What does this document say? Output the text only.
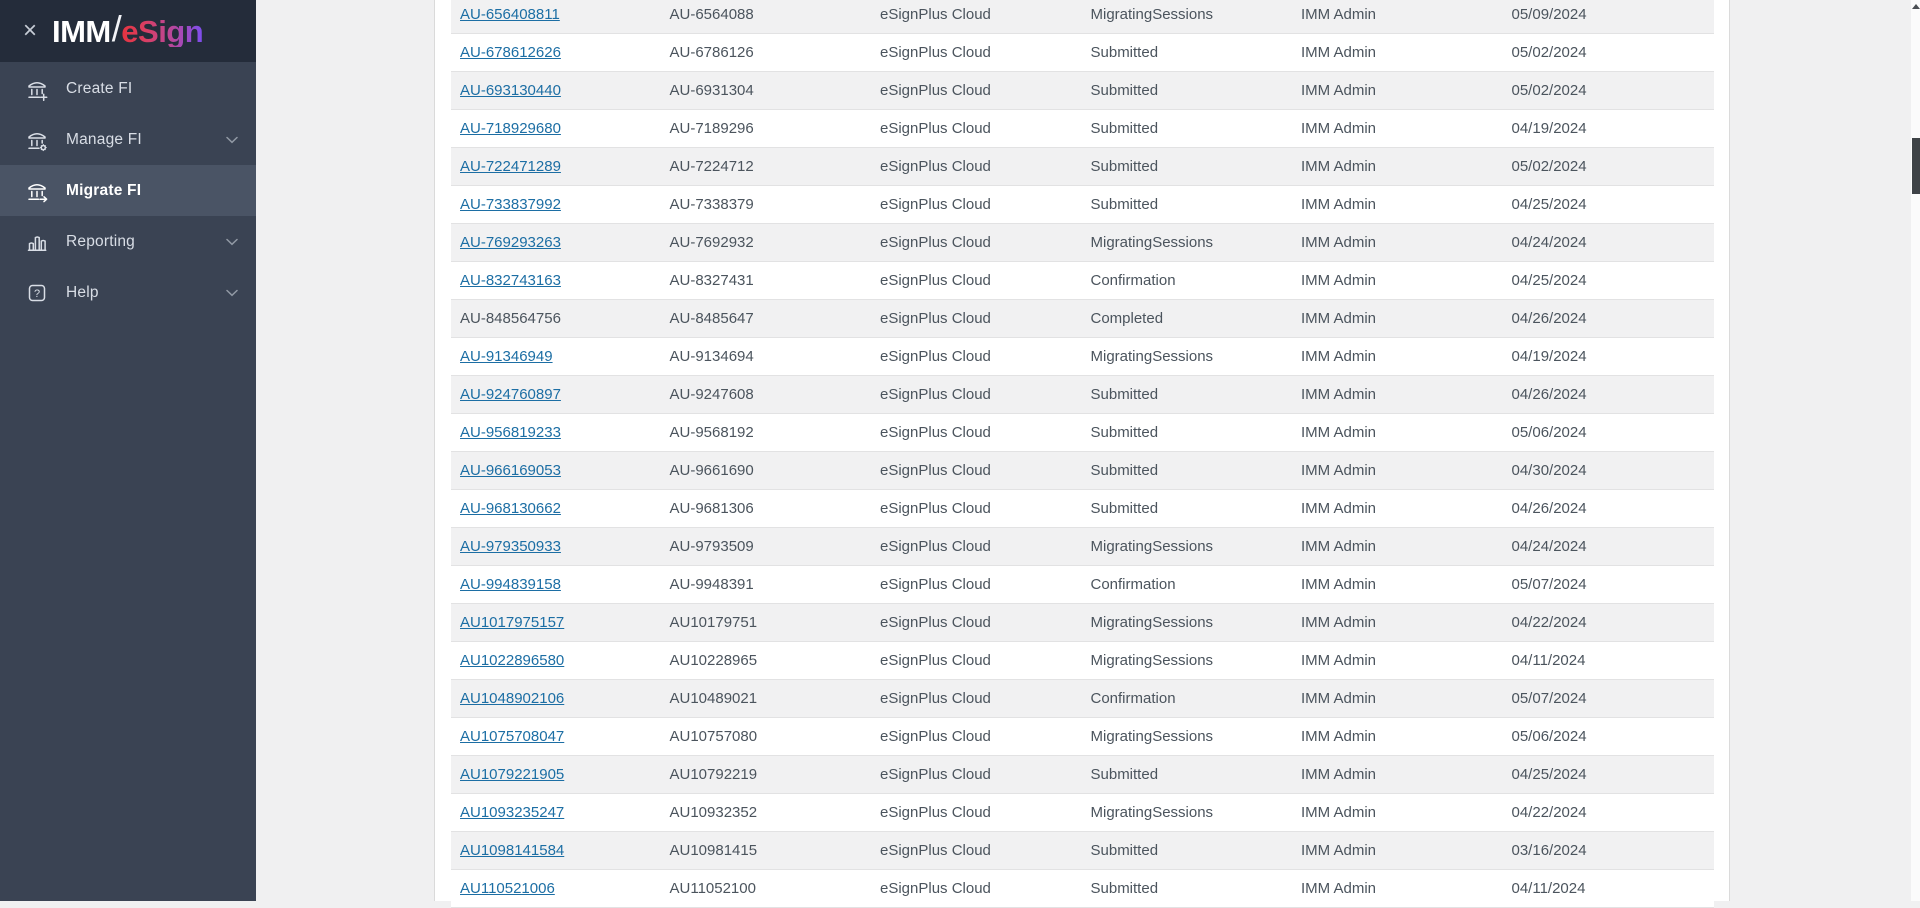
× IMM / eSign
Create FI
Manage FI
Migrate FI
Reporting
? Help
AU-656408811	AU-6564088	eSignPlus Cloud	MigratingSessions	IMM Admin	05/09/2024
AU-678612626	AU-6786126	eSignPlus Cloud	Submitted	IMM Admin	05/02/2024
AU-693130440	AU-6931304	eSignPlus Cloud	Submitted	IMM Admin	05/02/2024
AU-718929680	AU-7189296	eSignPlus Cloud	Submitted	IMM Admin	04/19/2024
AU-722471289	AU-7224712	eSignPlus Cloud	Submitted	IMM Admin	05/02/2024
AU-733837992	AU-7338379	eSignPlus Cloud	Submitted	IMM Admin	04/25/2024
AU-769293263	AU-7692932	eSignPlus Cloud	MigratingSessions	IMM Admin	04/24/2024
AU-832743163	AU-8327431	eSignPlus Cloud	Confirmation	IMM Admin	04/25/2024
AU-848564756	AU-8485647	eSignPlus Cloud	Completed	IMM Admin	04/26/2024
AU-91346949	AU-9134694	eSignPlus Cloud	MigratingSessions	IMM Admin	04/19/2024
AU-924760897	AU-9247608	eSignPlus Cloud	Submitted	IMM Admin	04/26/2024
AU-956819233	AU-9568192	eSignPlus Cloud	Submitted	IMM Admin	05/06/2024
AU-966169053	AU-9661690	eSignPlus Cloud	Submitted	IMM Admin	04/30/2024
AU-968130662	AU-9681306	eSignPlus Cloud	Submitted	IMM Admin	04/26/2024
AU-979350933	AU-9793509	eSignPlus Cloud	MigratingSessions	IMM Admin	04/24/2024
AU-994839158	AU-9948391	eSignPlus Cloud	Confirmation	IMM Admin	05/07/2024
AU1017975157	AU10179751	eSignPlus Cloud	MigratingSessions	IMM Admin	04/22/2024
AU1022896580	AU10228965	eSignPlus Cloud	MigratingSessions	IMM Admin	04/11/2024
AU1048902106	AU10489021	eSignPlus Cloud	Confirmation	IMM Admin	05/07/2024
AU1075708047	AU10757080	eSignPlus Cloud	MigratingSessions	IMM Admin	05/06/2024
AU1079221905	AU10792219	eSignPlus Cloud	Submitted	IMM Admin	04/25/2024
AU1093235247	AU10932352	eSignPlus Cloud	MigratingSessions	IMM Admin	04/22/2024
AU1098141584	AU10981415	eSignPlus Cloud	Submitted	IMM Admin	03/16/2024
AU110521006	AU11052100	eSignPlus Cloud	Submitted	IMM Admin	04/11/2024
